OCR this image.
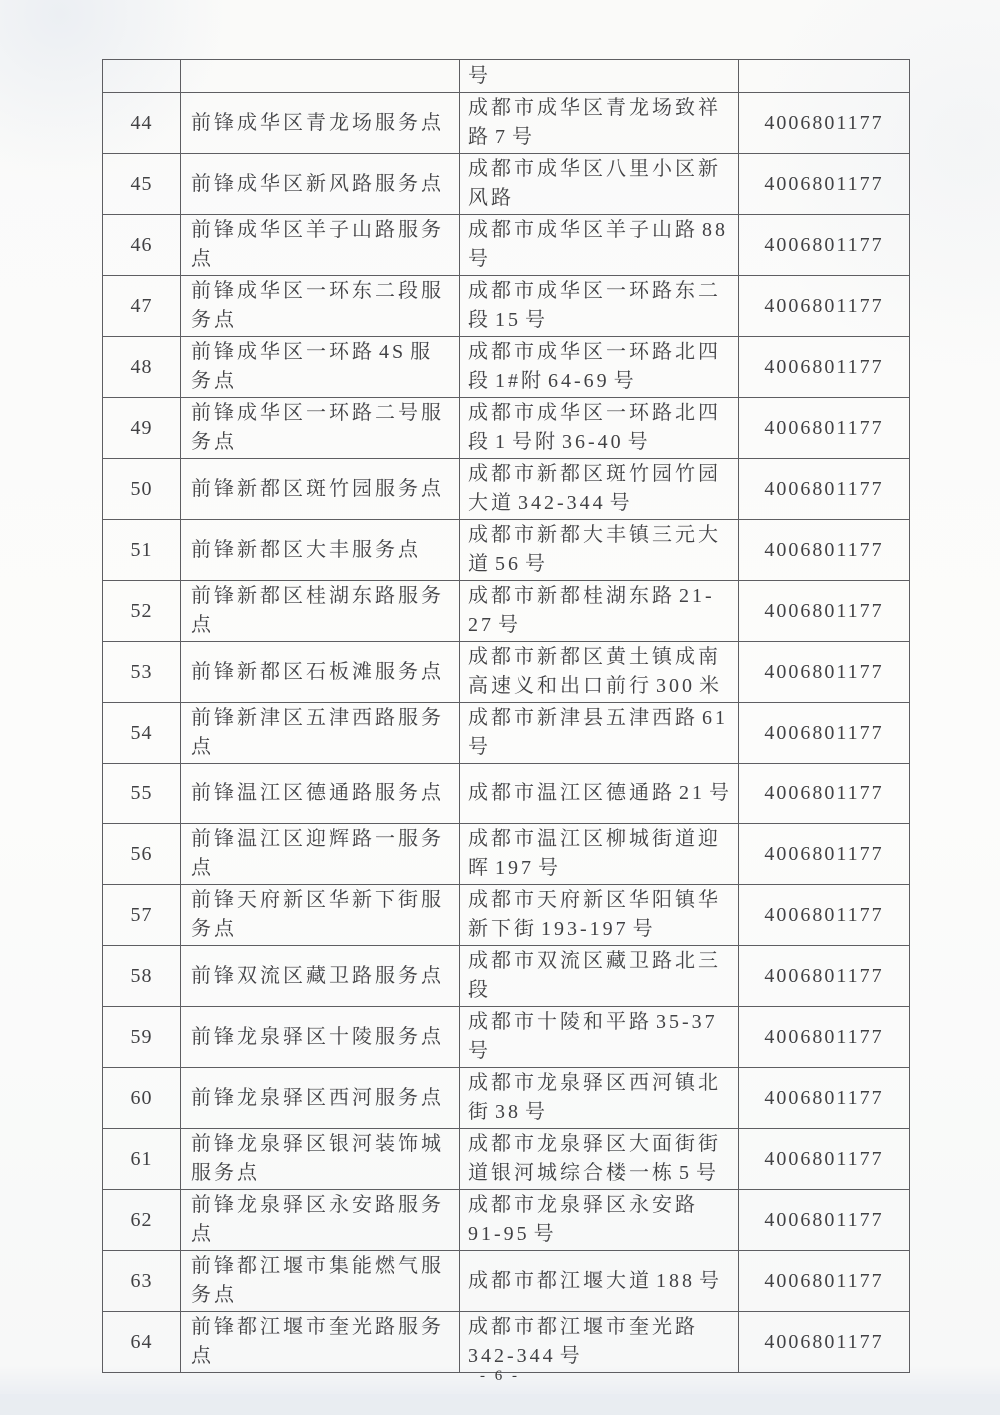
		号	
44	前锋成华区青龙场服务点	成都市成华区青龙场致祥路 7 号	4006801177
45	前锋成华区新风路服务点	成都市成华区八里小区新风路	4006801177
46	前锋成华区羊子山路服务点	成都市成华区羊子山路 88 号	4006801177
47	前锋成华区一环东二段服务点	成都市成华区一环路东二段 15 号	4006801177
48	前锋成华区一环路 4S 服务点	成都市成华区一环路北四段 1#附 64-69 号	4006801177
49	前锋成华区一环路二号服务点	成都市成华区一环路北四段 1 号附 36-40 号	4006801177
50	前锋新都区斑竹园服务点	成都市新都区斑竹园竹园大道 342-344 号	4006801177
51	前锋新都区大丰服务点	成都市新都大丰镇三元大道 56 号	4006801177
52	前锋新都区桂湖东路服务点	成都市新都桂湖东路 21-27 号	4006801177
53	前锋新都区石板滩服务点	成都市新都区黄土镇成南高速义和出口前行 300 米	4006801177
54	前锋新津区五津西路服务点	成都市新津县五津西路 61 号	4006801177
55	前锋温江区德通路服务点	成都市温江区德通路 21 号	4006801177
56	前锋温江区迎辉路一服务点	成都市温江区柳城街道迎晖 197 号	4006801177
57	前锋天府新区华新下街服务点	成都市天府新区华阳镇华新下街 193-197 号	4006801177
58	前锋双流区藏卫路服务点	成都市双流区藏卫路北三段	4006801177
59	前锋龙泉驿区十陵服务点	成都市十陵和平路 35-37 号	4006801177
60	前锋龙泉驿区西河服务点	成都市龙泉驿区西河镇北街 38 号	4006801177
61	前锋龙泉驿区银河装饰城服务点	成都市龙泉驿区大面街街道银河城综合楼一栋 5 号	4006801177
62	前锋龙泉驿区永安路服务点	成都市龙泉驿区永安路 91-95 号	4006801177
63	前锋都江堰市集能燃气服务点	成都市都江堰大道 188 号	4006801177
64	前锋都江堰市奎光路服务点	成都市都江堰市奎光路 342-344 号	4006801177
- 6 -
